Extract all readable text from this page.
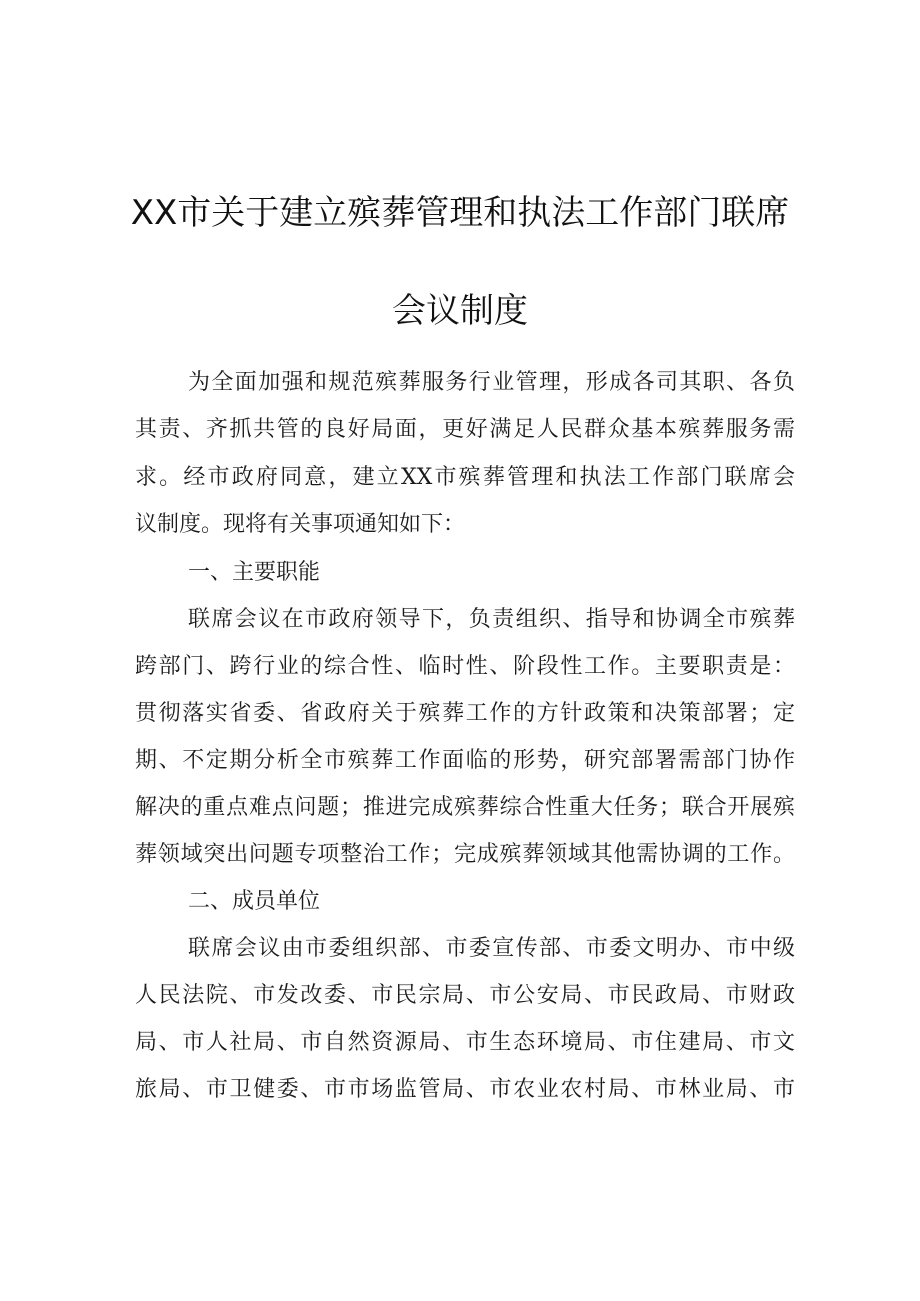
XX市关于建立殡葬管理和执法工作部门联席
会议制度
为全面加强和规范殡葬服务行业管理，形成各司其职、各负
其责、齐抓共管的良好局面，更好满足人民群众基本殡葬服务需
求。经市政府同意，建立XX市殡葬管理和执法工作部门联席会
议制度。现将有关事项通知如下：
一、主要职能
联席会议在市政府领导下，负责组织、指导和协调全市殡葬
跨部门、跨行业的综合性、临时性、阶段性工作。主要职责是：
贯彻落实省委、省政府关于殡葬工作的方针政策和决策部署；定
期、不定期分析全市殡葬工作面临的形势，研究部署需部门协作
解决的重点难点问题；推进完成殡葬综合性重大任务；联合开展殡
葬领域突出问题专项整治工作；完成殡葬领域其他需协调的工作。
二、成员单位
联席会议由市委组织部、市委宣传部、市委文明办、市中级
人民法院、市发改委、市民宗局、市公安局、市民政局、市财政
局、市人社局、市自然资源局、市生态环境局、市住建局、市文
旅局、市卫健委、市市场监管局、市农业农村局、市林业局、市
